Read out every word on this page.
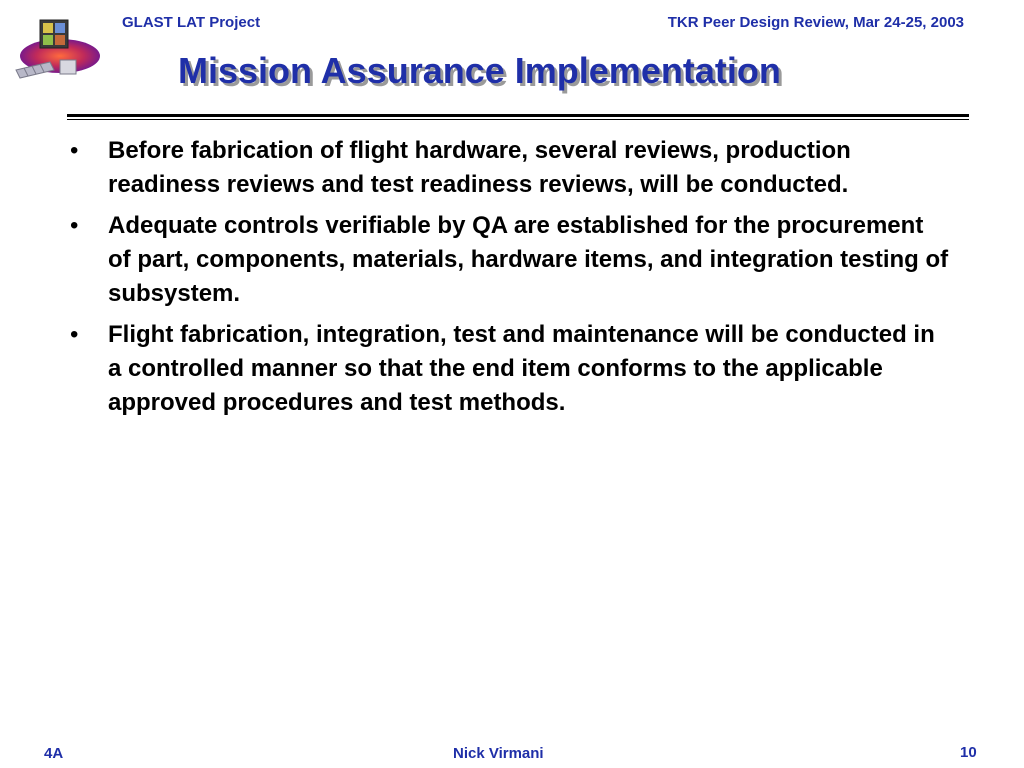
GLAST LAT Project	TKR Peer Design Review, Mar 24-25, 2003
Mission Assurance Implementation
• Before fabrication of flight hardware, several reviews, production readiness reviews and test readiness reviews, will be conducted.
• Adequate controls verifiable by QA are established for the procurement of part, components, materials, hardware items, and integration testing of subsystem.
• Flight fabrication, integration, test and maintenance will be conducted in a controlled manner so that the end item conforms to the applicable approved procedures and test methods.
4A	Nick Virmani	10
